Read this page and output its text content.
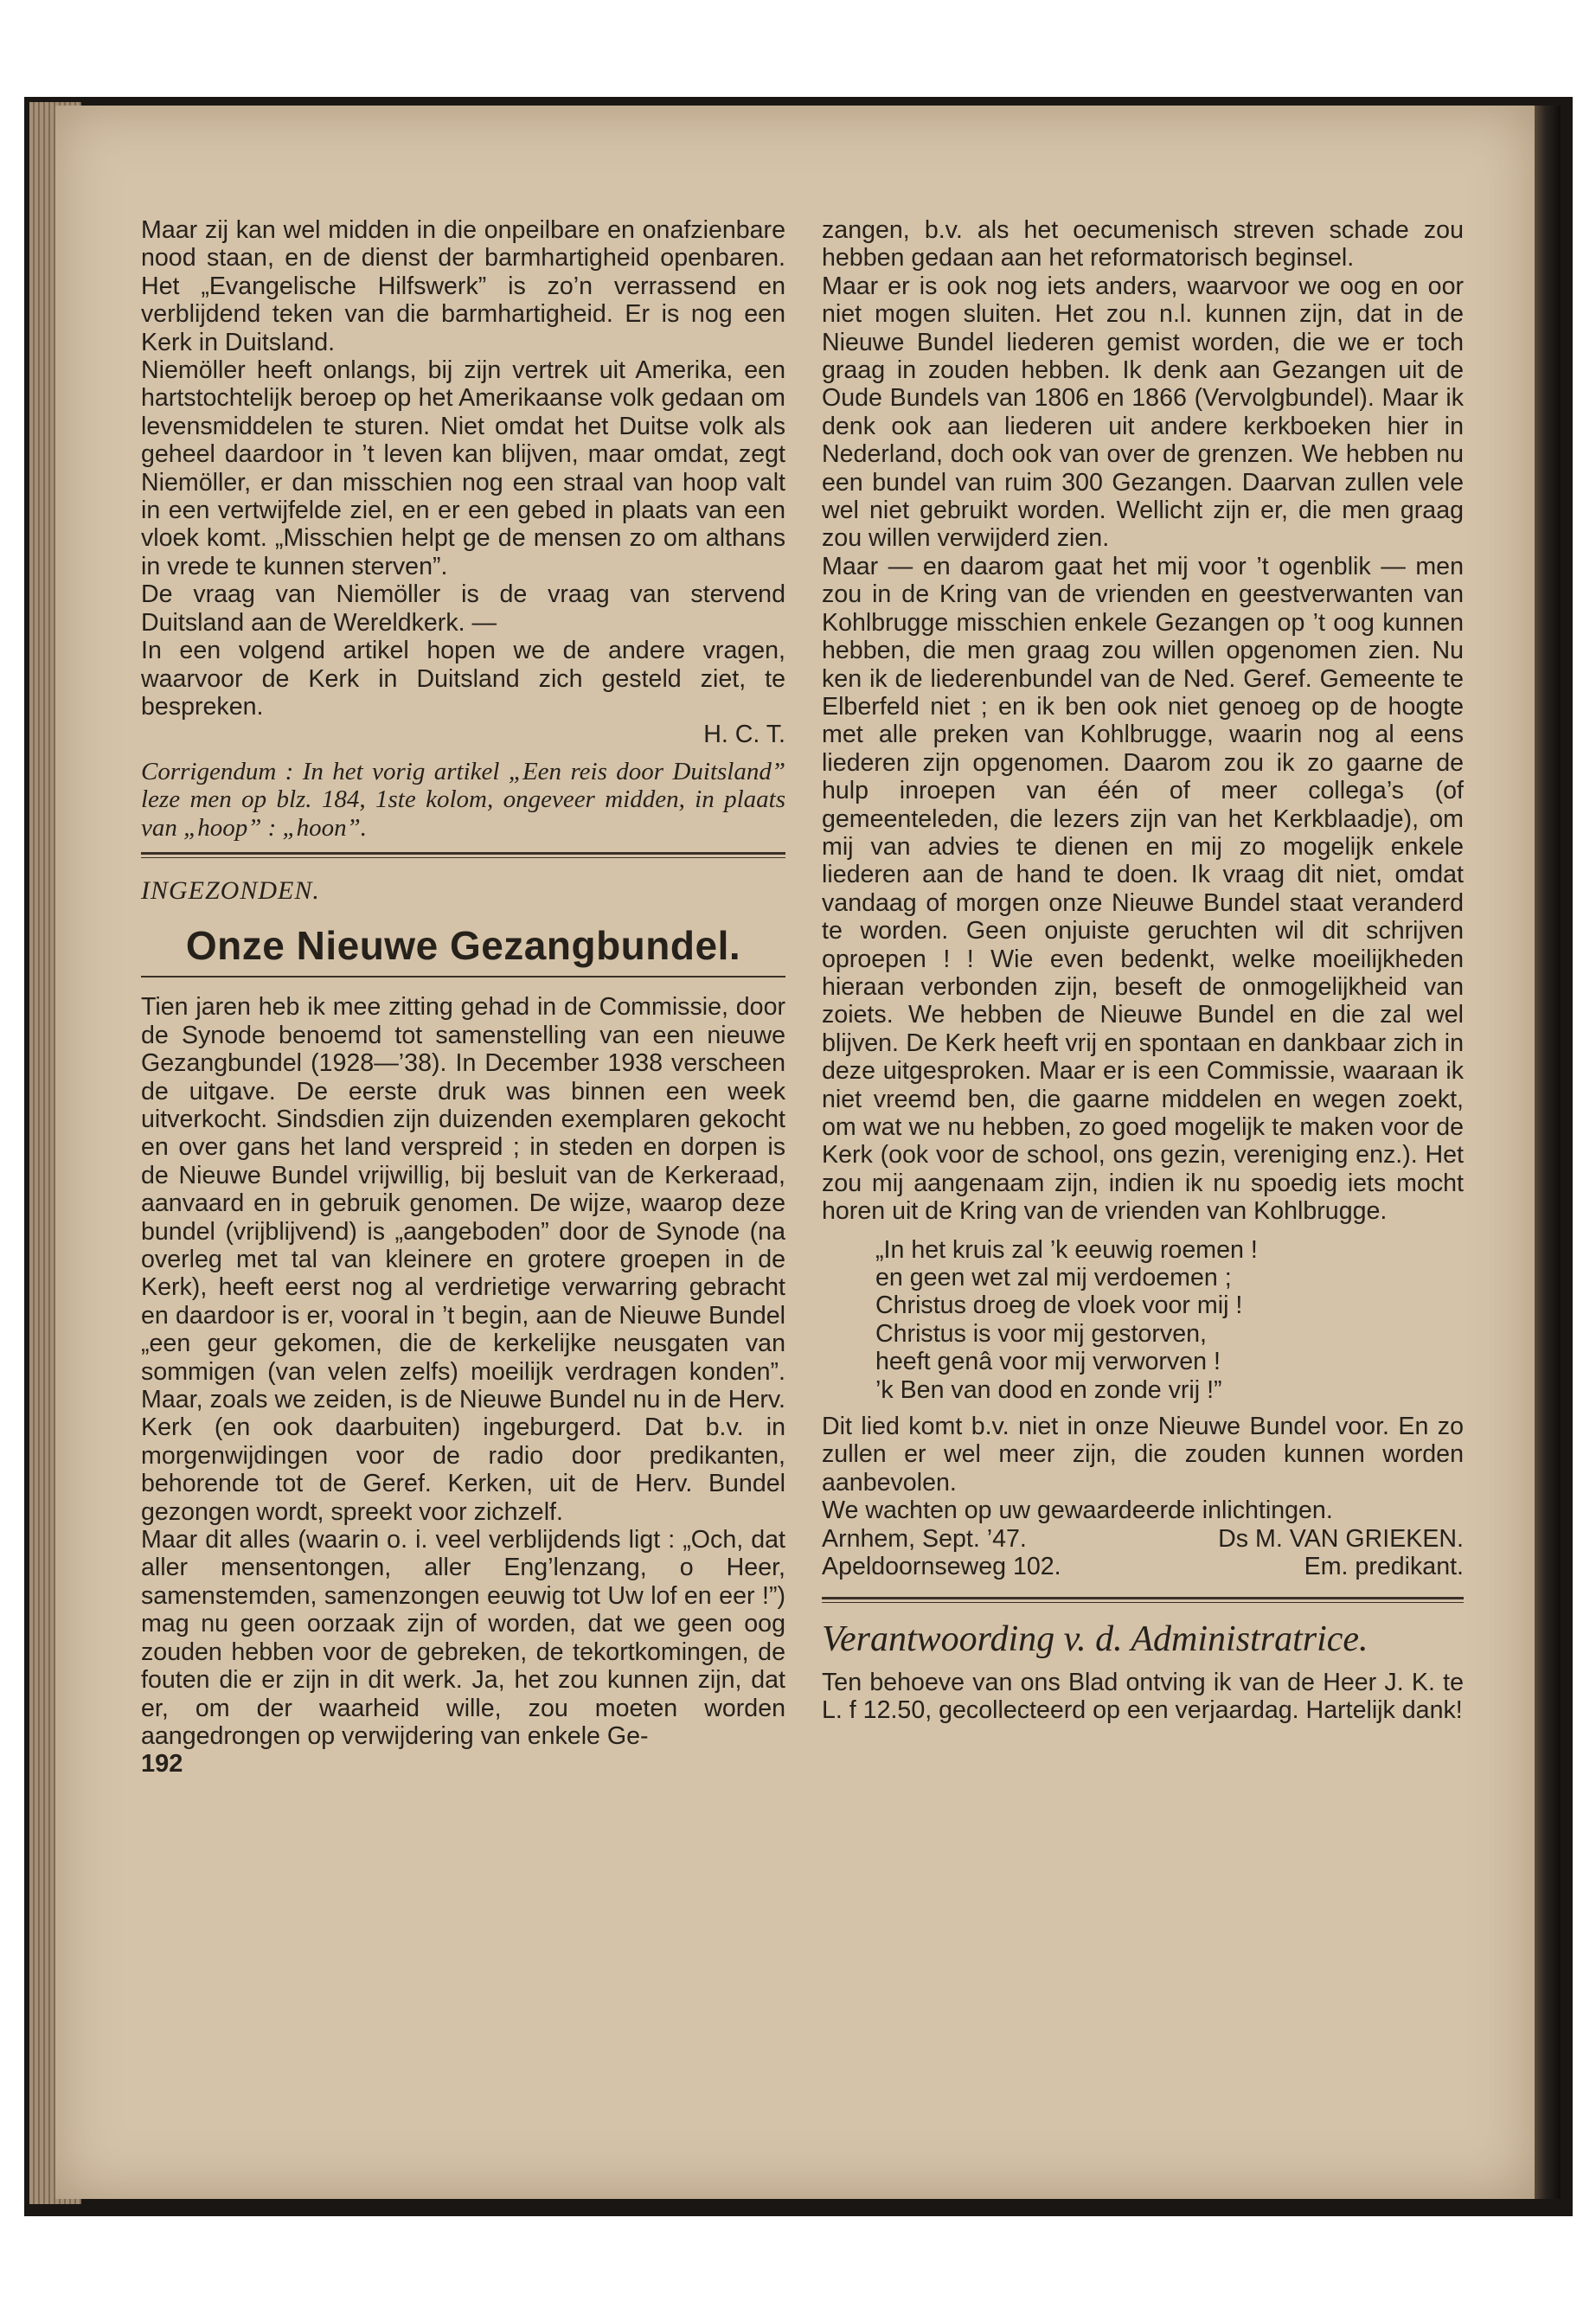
Maar zij kan wel midden in die onpeilbare en onafzienbare nood staan, en de dienst der barmhartigheid openbaren. Het „Evangelische Hilfswerk” is zo’n verrassend en verblijdend teken van die barmhartigheid. Er is nog een Kerk in Duitsland.

Niemöller heeft onlangs, bij zijn vertrek uit Amerika, een hartstochtelijk beroep op het Amerikaanse volk gedaan om levensmiddelen te sturen. Niet omdat het Duitse volk als geheel daardoor in ’t leven kan blijven, maar omdat, zegt Niemöller, er dan misschien nog een straal van hoop valt in een vertwijfelde ziel, en er een gebed in plaats van een vloek komt. „Misschien helpt ge de mensen zo om althans in vrede te kunnen sterven”.

De vraag van Niemöller is de vraag van stervend Duitsland aan de Wereldkerk. —

In een volgend artikel hopen we de andere vragen, waarvoor de Kerk in Duitsland zich gesteld ziet, te bespreken.

H. C. T.

Corrigendum : In het vorig artikel „Een reis door Duitsland” leze men op blz. 184, 1ste kolom, ongeveer midden, in plaats van „hoop” : „hoon”.

INGEZONDEN.

Onze Nieuwe Gezangbundel.

Tien jaren heb ik mee zitting gehad in de Commissie, door de Synode benoemd tot samenstelling van een nieuwe Gezangbundel (1928—’38). In December 1938 verscheen de uitgave. De eerste druk was binnen een week uitverkocht. Sindsdien zijn duizenden exemplaren gekocht en over gans het land verspreid ; in steden en dorpen is de Nieuwe Bundel vrijwillig, bij besluit van de Kerkeraad, aanvaard en in gebruik genomen. De wijze, waarop deze bundel (vrijblijvend) is „aangeboden” door de Synode (na overleg met tal van kleinere en grotere groepen in de Kerk), heeft eerst nog al verdrietige verwarring gebracht en daardoor is er, vooral in ’t begin, aan de Nieuwe Bundel „een geur gekomen, die de kerkelijke neusgaten van sommigen (van velen zelfs) moeilijk verdragen konden”. Maar, zoals we zeiden, is de Nieuwe Bundel nu in de Herv. Kerk (en ook daarbuiten) ingeburgerd. Dat b.v. in morgenwijdingen voor de radio door predikanten, behorende tot de Geref. Kerken, uit de Herv. Bundel gezongen wordt, spreekt voor zichzelf.

Maar dit alles (waarin o. i. veel verblijdends ligt : „Och, dat aller mensentongen, aller Eng’lenzang, o Heer, samenstemden, samenzongen eeuwig tot Uw lof en eer !”) mag nu geen oorzaak zijn of worden, dat we geen oog zouden hebben voor de gebreken, de tekortkomingen, de fouten die er zijn in dit werk. Ja, het zou kunnen zijn, dat er, om der waarheid wille, zou moeten worden aangedrongen op verwijdering van enkele Ge-

192

zangen, b.v. als het oecumenisch streven schade zou hebben gedaan aan het reformatorisch beginsel.

Maar er is ook nog iets anders, waarvoor we oog en oor niet mogen sluiten. Het zou n.l. kunnen zijn, dat in de Nieuwe Bundel liederen gemist worden, die we er toch graag in zouden hebben. Ik denk aan Gezangen uit de Oude Bundels van 1806 en 1866 (Vervolgbundel). Maar ik denk ook aan liederen uit andere kerkboeken hier in Nederland, doch ook van over de grenzen. We hebben nu een bundel van ruim 300 Gezangen. Daarvan zullen vele wel niet gebruikt worden. Wellicht zijn er, die men graag zou willen verwijderd zien.

Maar — en daarom gaat het mij voor ’t ogenblik — men zou in de Kring van de vrienden en geestverwanten van Kohlbrugge misschien enkele Gezangen op ’t oog kunnen hebben, die men graag zou willen opgenomen zien. Nu ken ik de liederenbundel van de Ned. Geref. Gemeente te Elberfeld niet ; en ik ben ook niet genoeg op de hoogte met alle preken van Kohlbrugge, waarin nog al eens liederen zijn opgenomen. Daarom zou ik zo gaarne de hulp inroepen van één of meer collega’s (of gemeenteleden, die lezers zijn van het Kerkblaadje), om mij van advies te dienen en mij zo mogelijk enkele liederen aan de hand te doen. Ik vraag dit niet, omdat vandaag of morgen onze Nieuwe Bundel staat veranderd te worden. Geen onjuiste geruchten wil dit schrijven oproepen ! ! Wie even bedenkt, welke moeilijkheden hieraan verbonden zijn, beseft de onmogelijkheid van zoiets. We hebben de Nieuwe Bundel en die zal wel blijven. De Kerk heeft vrij en spontaan en dankbaar zich in deze uitgesproken. Maar er is een Commissie, waaraan ik niet vreemd ben, die gaarne middelen en wegen zoekt, om wat we nu hebben, zo goed mogelijk te maken voor de Kerk (ook voor de school, ons gezin, vereniging enz.). Het zou mij aangenaam zijn, indien ik nu spoedig iets mocht horen uit de Kring van de vrienden van Kohlbrugge.

„In het kruis zal ’k eeuwig roemen !
en geen wet zal mij verdoemen ;
Christus droeg de vloek voor mij !
Christus is voor mij gestorven,
heeft genâ voor mij verworven !
’k Ben van dood en zonde vrij !”

Dit lied komt b.v. niet in onze Nieuwe Bundel voor. En zo zullen er wel meer zijn, die zouden kunnen worden aanbevolen.

We wachten op uw gewaardeerde inlichtingen.

Arnhem, Sept. ’47.	Ds M. VAN GRIEKEN.

Apeldoornseweg 102.	Em. predikant.

Verantwoording v. d. Administratrice.

Ten behoeve van ons Blad ontving ik van de Heer J. K. te L. f 12.50, gecollecteerd op een verjaardag. Hartelijk dank!
